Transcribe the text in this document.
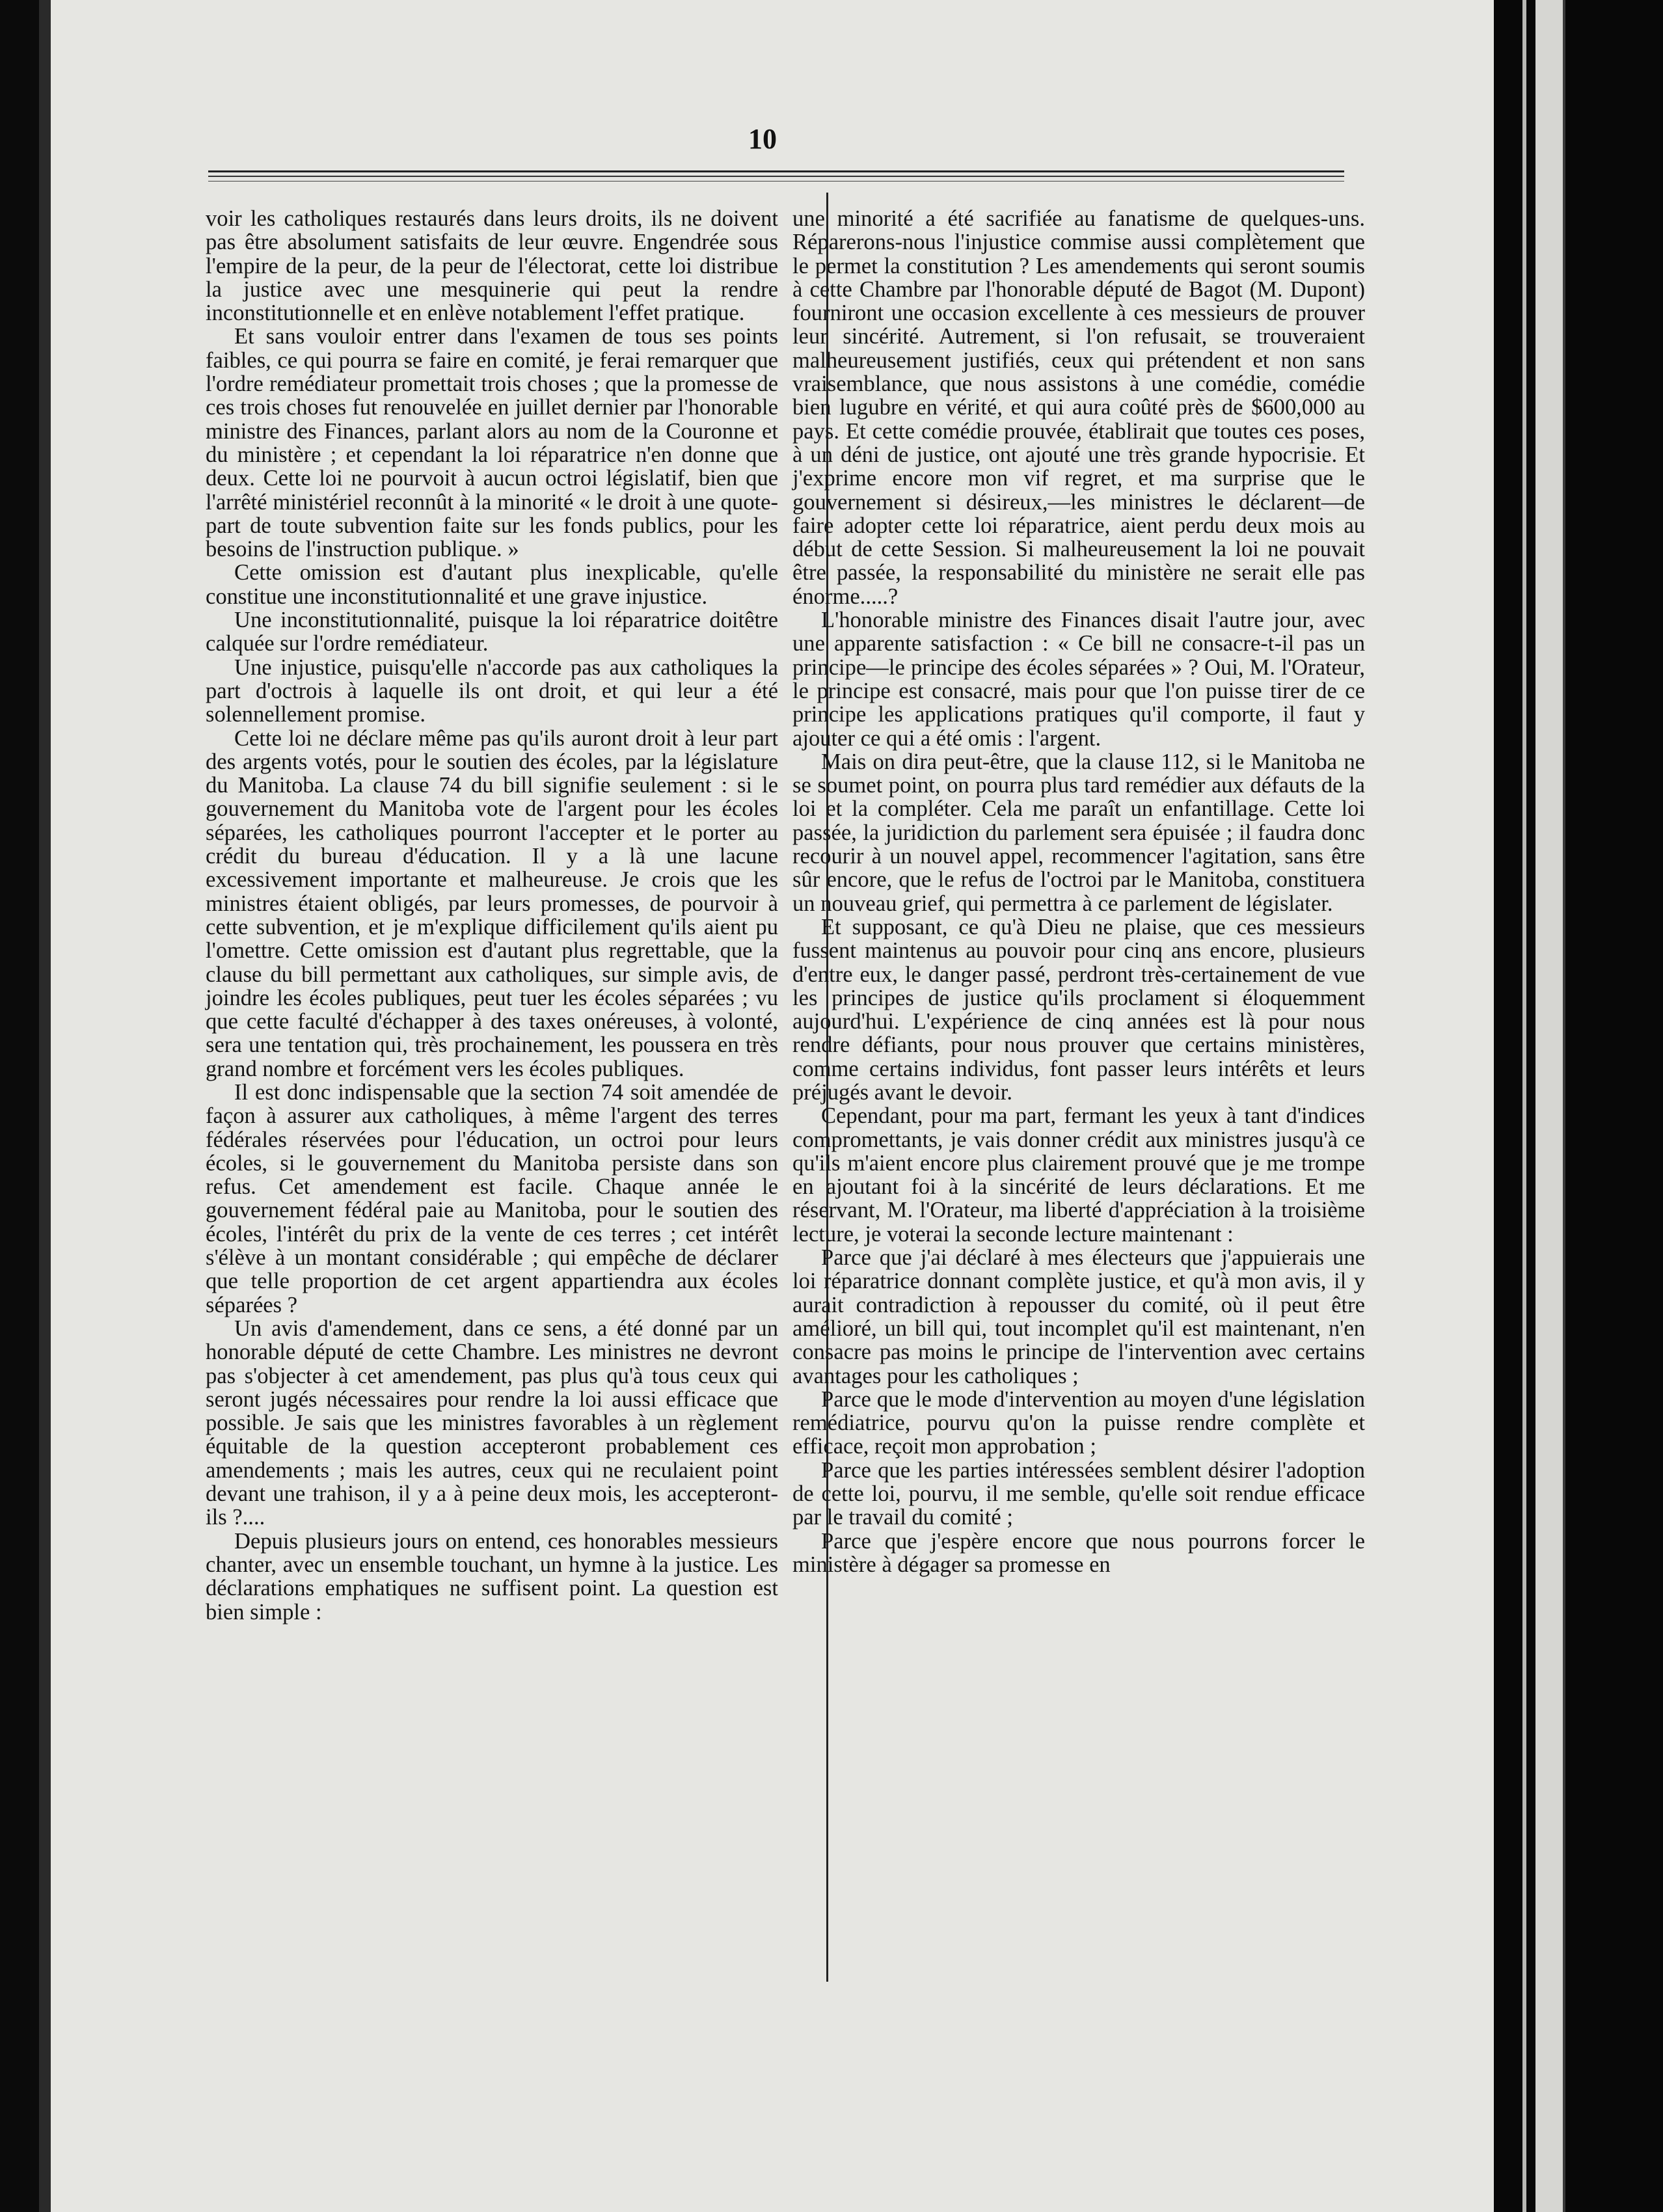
10

voir les catholiques restaurés dans leurs droits, ils ne doivent pas être absolument satisfaits de leur œuvre. Engendrée sous l'empire de la peur, de la peur de l'électorat, cette loi distribue la justice avec une mesquinerie qui peut la rendre inconstitutionnelle et en enlève notablement l'effet pratique.

Et sans vouloir entrer dans l'examen de tous ses points faibles, ce qui pourra se faire en comité, je ferai remarquer que l'ordre remédiateur promettait trois choses ; que la promesse de ces trois choses fut renouvelée en juillet dernier par l'honorable ministre des Finances, parlant alors au nom de la Couronne et du ministère ; et cependant la loi réparatrice n'en donne que deux. Cette loi ne pourvoit à aucun octroi législatif, bien que l'arrêté ministériel reconnût à la minorité « le droit à une quote-part de toute subvention faite sur les fonds publics, pour les besoins de l'instruction publique. »

Cette omission est d'autant plus inexplicable, qu'elle constitue une inconstitutionnalité et une grave injustice.

Une inconstitutionnalité, puisque la loi réparatrice doitêtre calquée sur l'ordre remédiateur.

Une injustice, puisqu'elle n'accorde pas aux catholiques la part d'octrois à laquelle ils ont droit, et qui leur a été solennellement promise.

Cette loi ne déclare même pas qu'ils auront droit à leur part des argents votés, pour le soutien des écoles, par la législature du Manitoba. La clause 74 du bill signifie seulement : si le gouvernement du Manitoba vote de l'argent pour les écoles séparées, les catholiques pourront l'accepter et le porter au crédit du bureau d'éducation. Il y a là une lacune excessivement importante et malheureuse. Je crois que les ministres étaient obligés, par leurs promesses, de pourvoir à cette subvention, et je m'explique difficilement qu'ils aient pu l'omettre. Cette omission est d'autant plus regrettable, que la clause du bill permettant aux catholiques, sur simple avis, de joindre les écoles publiques, peut tuer les écoles séparées ; vu que cette faculté d'échapper à des taxes onéreuses, à volonté, sera une tentation qui, très prochainement, les poussera en très grand nombre et forcément vers les écoles publiques.

Il est donc indispensable que la section 74 soit amendée de façon à assurer aux catholiques, à même l'argent des terres fédérales réservées pour l'éducation, un octroi pour leurs écoles, si le gouvernement du Manitoba persiste dans son refus. Cet amendement est facile. Chaque année le gouvernement fédéral paie au Manitoba, pour le soutien des écoles, l'intérêt du prix de la vente de ces terres ; cet intérêt s'élève à un montant considérable ; qui empêche de déclarer que telle proportion de cet argent appartiendra aux écoles séparées ?

Un avis d'amendement, dans ce sens, a été donné par un honorable député de cette Chambre. Les ministres ne devront pas s'objecter à cet amendement, pas plus qu'à tous ceux qui seront jugés nécessaires pour rendre la loi aussi efficace que possible. Je sais que les ministres favorables à un règlement équitable de la question accepteront probablement ces amendements ; mais les autres, ceux qui ne reculaient point devant une trahison, il y a à peine deux mois, les accepteront-ils ?....

Depuis plusieurs jours on entend, ces honorables messieurs chanter, avec un ensemble touchant, un hymne à la justice. Les déclarations emphatiques ne suffisent point. La question est bien simple :

une minorité a été sacrifiée au fanatisme de quelques-uns. Réparerons-nous l'injustice commise aussi complètement que le permet la constitution ? Les amendements qui seront soumis à cette Chambre par l'honorable député de Bagot (M. Dupont) fourniront une occasion excellente à ces messieurs de prouver leur sincérité. Autrement, si l'on refusait, se trouveraient malheureusement justifiés, ceux qui prétendent et non sans vraisemblance, que nous assistons à une comédie, comédie bien lugubre en vérité, et qui aura coûté près de $600,000 au pays. Et cette comédie prouvée, établirait que toutes ces poses, à un déni de justice, ont ajouté une très grande hypocrisie. Et j'exprime encore mon vif regret, et ma surprise que le gouvernement si désireux,—les ministres le déclarent—de faire adopter cette loi réparatrice, aient perdu deux mois au début de cette Session. Si malheureusement la loi ne pouvait être passée, la responsabilité du ministère ne serait elle pas énorme.....?

L'honorable ministre des Finances disait l'autre jour, avec une apparente satisfaction : « Ce bill ne consacre-t-il pas un principe—le principe des écoles séparées » ? Oui, M. l'Orateur, le principe est consacré, mais pour que l'on puisse tirer de ce principe les applications pratiques qu'il comporte, il faut y ajouter ce qui a été omis : l'argent.

Mais on dira peut-être, que la clause 112, si le Manitoba ne se soumet point, on pourra plus tard remédier aux défauts de la loi et la compléter. Cela me paraît un enfantillage. Cette loi passée, la juridiction du parlement sera épuisée ; il faudra donc recourir à un nouvel appel, recommencer l'agitation, sans être sûr encore, que le refus de l'octroi par le Manitoba, constituera un nouveau grief, qui permettra à ce parlement de législater.

Et supposant, ce qu'à Dieu ne plaise, que ces messieurs fussent maintenus au pouvoir pour cinq ans encore, plusieurs d'entre eux, le danger passé, perdront très-certainement de vue les principes de justice qu'ils proclament si éloquemment aujourd'hui. L'expérience de cinq années est là pour nous rendre défiants, pour nous prouver que certains ministères, comme certains individus, font passer leurs intérêts et leurs préjugés avant le devoir.

Cependant, pour ma part, fermant les yeux à tant d'indices compromettants, je vais donner crédit aux ministres jusqu'à ce qu'ils m'aient encore plus clairement prouvé que je me trompe en ajoutant foi à la sincérité de leurs déclarations. Et me réservant, M. l'Orateur, ma liberté d'appréciation à la troisième lecture, je voterai la seconde lecture maintenant :

Parce que j'ai déclaré à mes électeurs que j'appuierais une loi réparatrice donnant complète justice, et qu'à mon avis, il y aurait contradiction à repousser du comité, où il peut être amélioré, un bill qui, tout incomplet qu'il est maintenant, n'en consacre pas moins le principe de l'intervention avec certains avantages pour les catholiques ;

Parce que le mode d'intervention au moyen d'une législation remédiatrice, pourvu qu'on la puisse rendre complète et efficace, reçoit mon approbation ;

Parce que les parties intéressées semblent désirer l'adoption de cette loi, pourvu, il me semble, qu'elle soit rendue efficace par le travail du comité ;

Parce que j'espère encore que nous pourrons forcer le ministère à dégager sa promesse en
